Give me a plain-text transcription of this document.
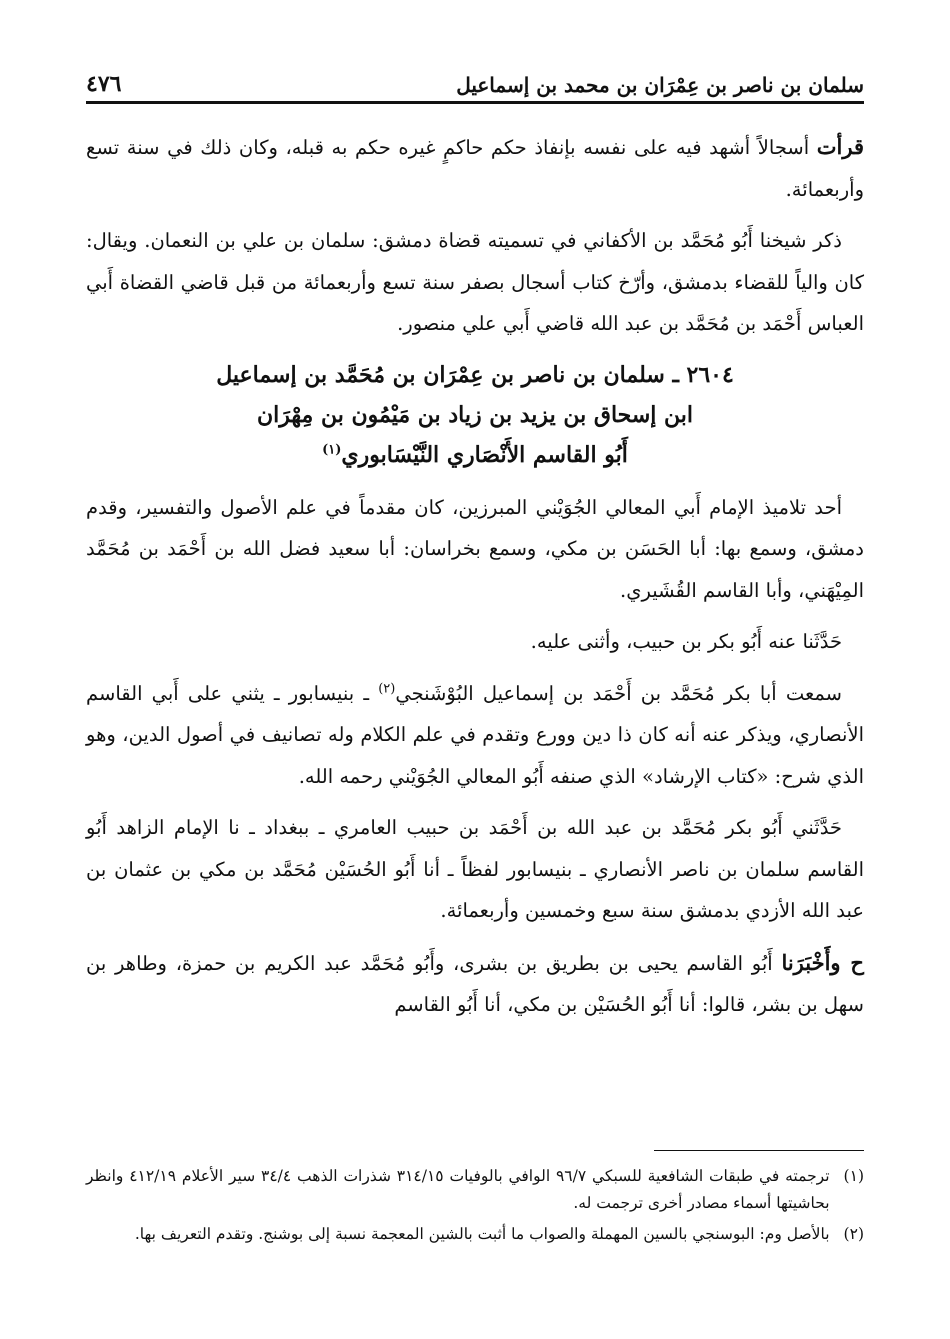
سلمان بن ناصر بن عِمْرَان بن محمد بن إسماعيل
٤٧٦

قرأت أسجالاً أشهد فيه على نفسه بإنفاذ حكم حاكمٍ غيره حكم به قبله، وكان ذلك في سنة تسع وأربعمائة.

ذكر شيخنا أَبُو مُحَمَّد بن الأكفاني في تسميته قضاة دمشق: سلمان بن علي بن النعمان. ويقال: كان والياً للقضاء بدمشق، وأرّخ كتاب أسجال بصفر سنة تسع وأربعمائة من قبل قاضي القضاة أَبي العباس أَحْمَد بن مُحَمَّد بن عبد الله قاضي أَبي علي منصور.

٢٦٠٤ ـ سلمان بن ناصر بن عِمْرَان بن مُحَمَّد بن إسماعيل
ابن إسحاق بن يزيد بن زياد بن مَيْمُون بن مِهْرَان
أَبُو القاسم الأَنْصَاري النَّيْسَابوري$^{(١)}$

أحد تلاميذ الإمام أَبي المعالي الجُوَيْني المبرزين، كان مقدماً في علم الأصول والتفسير، وقدم دمشق، وسمع بها: أبا الحَسَن بن مكي، وسمع بخراسان: أبا سعيد فضل الله بن أَحْمَد بن مُحَمَّد المِيْهَني، وأبا القاسم القُشَيري.

حَدَّثَنا عنه أَبُو بكر بن حبيب، وأثنى عليه.

سمعت أبا بكر مُحَمَّد بن أَحْمَد بن إسماعيل البُوْشَنجي$^{(٢)}$ ـ بنيسابور ـ يثني على أَبي القاسم الأنصاري، ويذكر عنه أنه كان ذا دين وورع وتقدم في علم الكلام وله تصانيف في أصول الدين، وهو الذي شرح: «كتاب الإرشاد» الذي صنفه أَبُو المعالي الجُوَيْني رحمه الله.

حَدَّثَني أَبُو بكر مُحَمَّد بن عبد الله بن أَحْمَد بن حبيب العامري ـ ببغداد ـ نا الإمام الزاهد أَبُو القاسم سلمان بن ناصر الأنصاري ـ بنيسابور لفظاً ـ أنا أَبُو الحُسَيْن مُحَمَّد بن مكي بن عثمان بن عبد الله الأزدي بدمشق سنة سبع وخمسين وأربعمائة.

ح وأَخْبَرَنا أَبُو القاسم يحيى بن بطريق بن بشرى، وأَبُو مُحَمَّد عبد الكريم بن حمزة، وطاهر بن سهل بن بشر، قالوا: أنا أَبُو الحُسَيْن بن مكي، أنا أَبُو القاسم

(١)
ترجمته في طبقات الشافعية للسبكي ٩٦/٧ الوافي بالوفيات ٣١٤/١٥ شذرات الذهب ٣٤/٤ سير الأعلام ٤١٢/١٩ وانظر بحاشيتها أسماء مصادر أخرى ترجمت له.
(٢)
بالأصل وم: البوسنجي بالسين المهملة والصواب ما أثبت بالشين المعجمة نسبة إلى بوشنج. وتقدم التعريف بها.
